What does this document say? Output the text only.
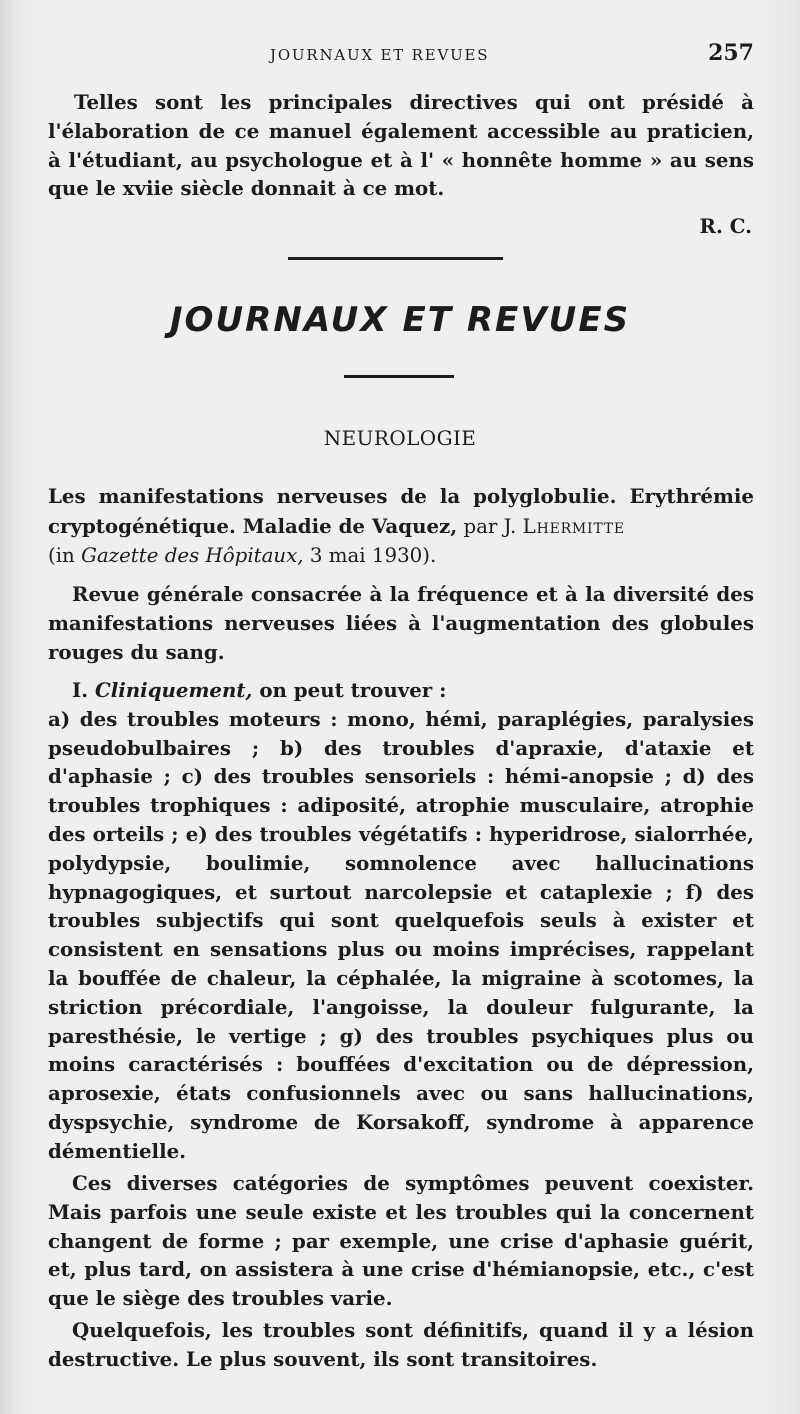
JOURNAUX ET REVUES	257
Telles sont les principales directives qui ont présidé à l'élaboration de ce manuel également accessible au praticien, à l'étudiant, au psychologue et à l' « honnête homme » au sens que le xviie siècle donnait à ce mot.
R. C.
JOURNAUX ET REVUES
NEUROLOGIE
Les manifestations nerveuses de la polyglobulie. Erythrémie cryptogénétique. Maladie de Vaquez, par J. Lhermitte
(in Gazette des Hôpitaux, 3 mai 1930).
Revue générale consacrée à la fréquence et à la diversité des manifestations nerveuses liées à l'augmentation des globules rouges du sang.
I. Cliniquement, on peut trouver :
a) des troubles moteurs : mono, hémi, paraplégies, paralysies pseudobulbaires ; b) des troubles d'apraxie, d'ataxie et d'aphasie ; c) des troubles sensoriels : hémi-anopsie ; d) des troubles trophiques : adiposité, atrophie musculaire, atrophie des orteils ; e) des troubles végétatifs : hyperidrose, sialorrhée, polydypsie, boulimie, somnolence avec hallucinations hypnagogiques, et surtout narcolepsie et cataplexie ; f) des troubles subjectifs qui sont quelquefois seuls à exister et consistent en sensations plus ou moins imprécises, rappelant la bouffée de chaleur, la céphalée, la migraine à scotomes, la striction précordiale, l'angoisse, la douleur fulgurante, la paresthésie, le vertige ; g) des troubles psychiques plus ou moins caractérisés : bouffées d'excitation ou de dépression, aprosexie, états confusionnels avec ou sans hallucinations, dyspsychie, syndrome de Korsakoff, syndrome à apparence démentielle.
Ces diverses catégories de symptômes peuvent coexister. Mais parfois une seule existe et les troubles qui la concernent changent de forme ; par exemple, une crise d'aphasie guérit, et, plus tard, on assistera à une crise d'hémianopsie, etc., c'est que le siège des troubles varie.
Quelquefois, les troubles sont définitifs, quand il y a lésion destructive. Le plus souvent, ils sont transitoires.
